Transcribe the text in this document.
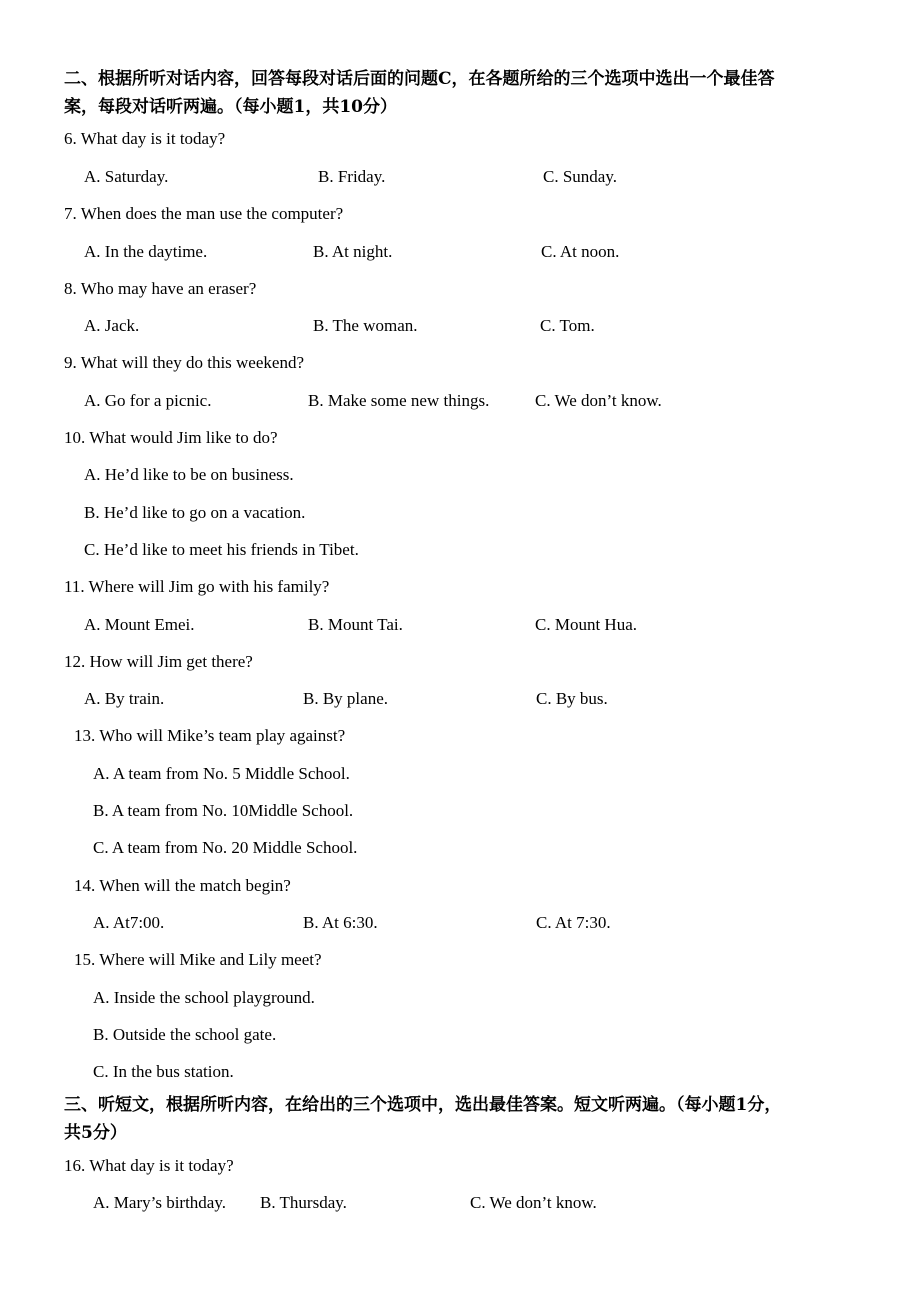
二、根据所听对话内容，回答每段对话后面的问题C，在各题所给的三个选项中选出一个最佳答
案，每段对话听两遍。（每小题1，共10分）
6. What day is it today?
A. Saturday.	B. Friday.	C. Sunday.
7. When does the man use the computer?
A. In the daytime.	B. At night.	C. At noon.
8. Who may have an eraser?
A. Jack.	B. The woman.	C. Tom.
9. What will they do this weekend?
A. Go for a picnic.	B. Make some new things.	C. We don’t know.
10. What would Jim like to do?
A. He’d like to be on business.
B. He’d like to go on a vacation.
C. He’d like to meet his friends in Tibet.
11. Where will Jim go with his family?
A. Mount Emei.	B. Mount Tai.	C. Mount Hua.
12. How will Jim get there?
A. By train.	B. By plane.	C. By bus.
13. Who will Mike’s team play against?
A. A team from No. 5 Middle School.
B. A team from No. 10Middle School.
C. A team from No. 20 Middle School.
14. When will the match begin?
A. At7:00.	B. At 6:30.	C. At 7:30.
15. Where will Mike and Lily meet?
A. Inside the school playground.
B. Outside the school gate.
C. In the bus station.
三、听短文，根据所听内容，在给出的三个选项中，选出最佳答案。短文听两遍。（每小题1分，
共5分）
16. What day is it today?
A. Mary’s birthday. B. Thursday.	C. We don’t know.
